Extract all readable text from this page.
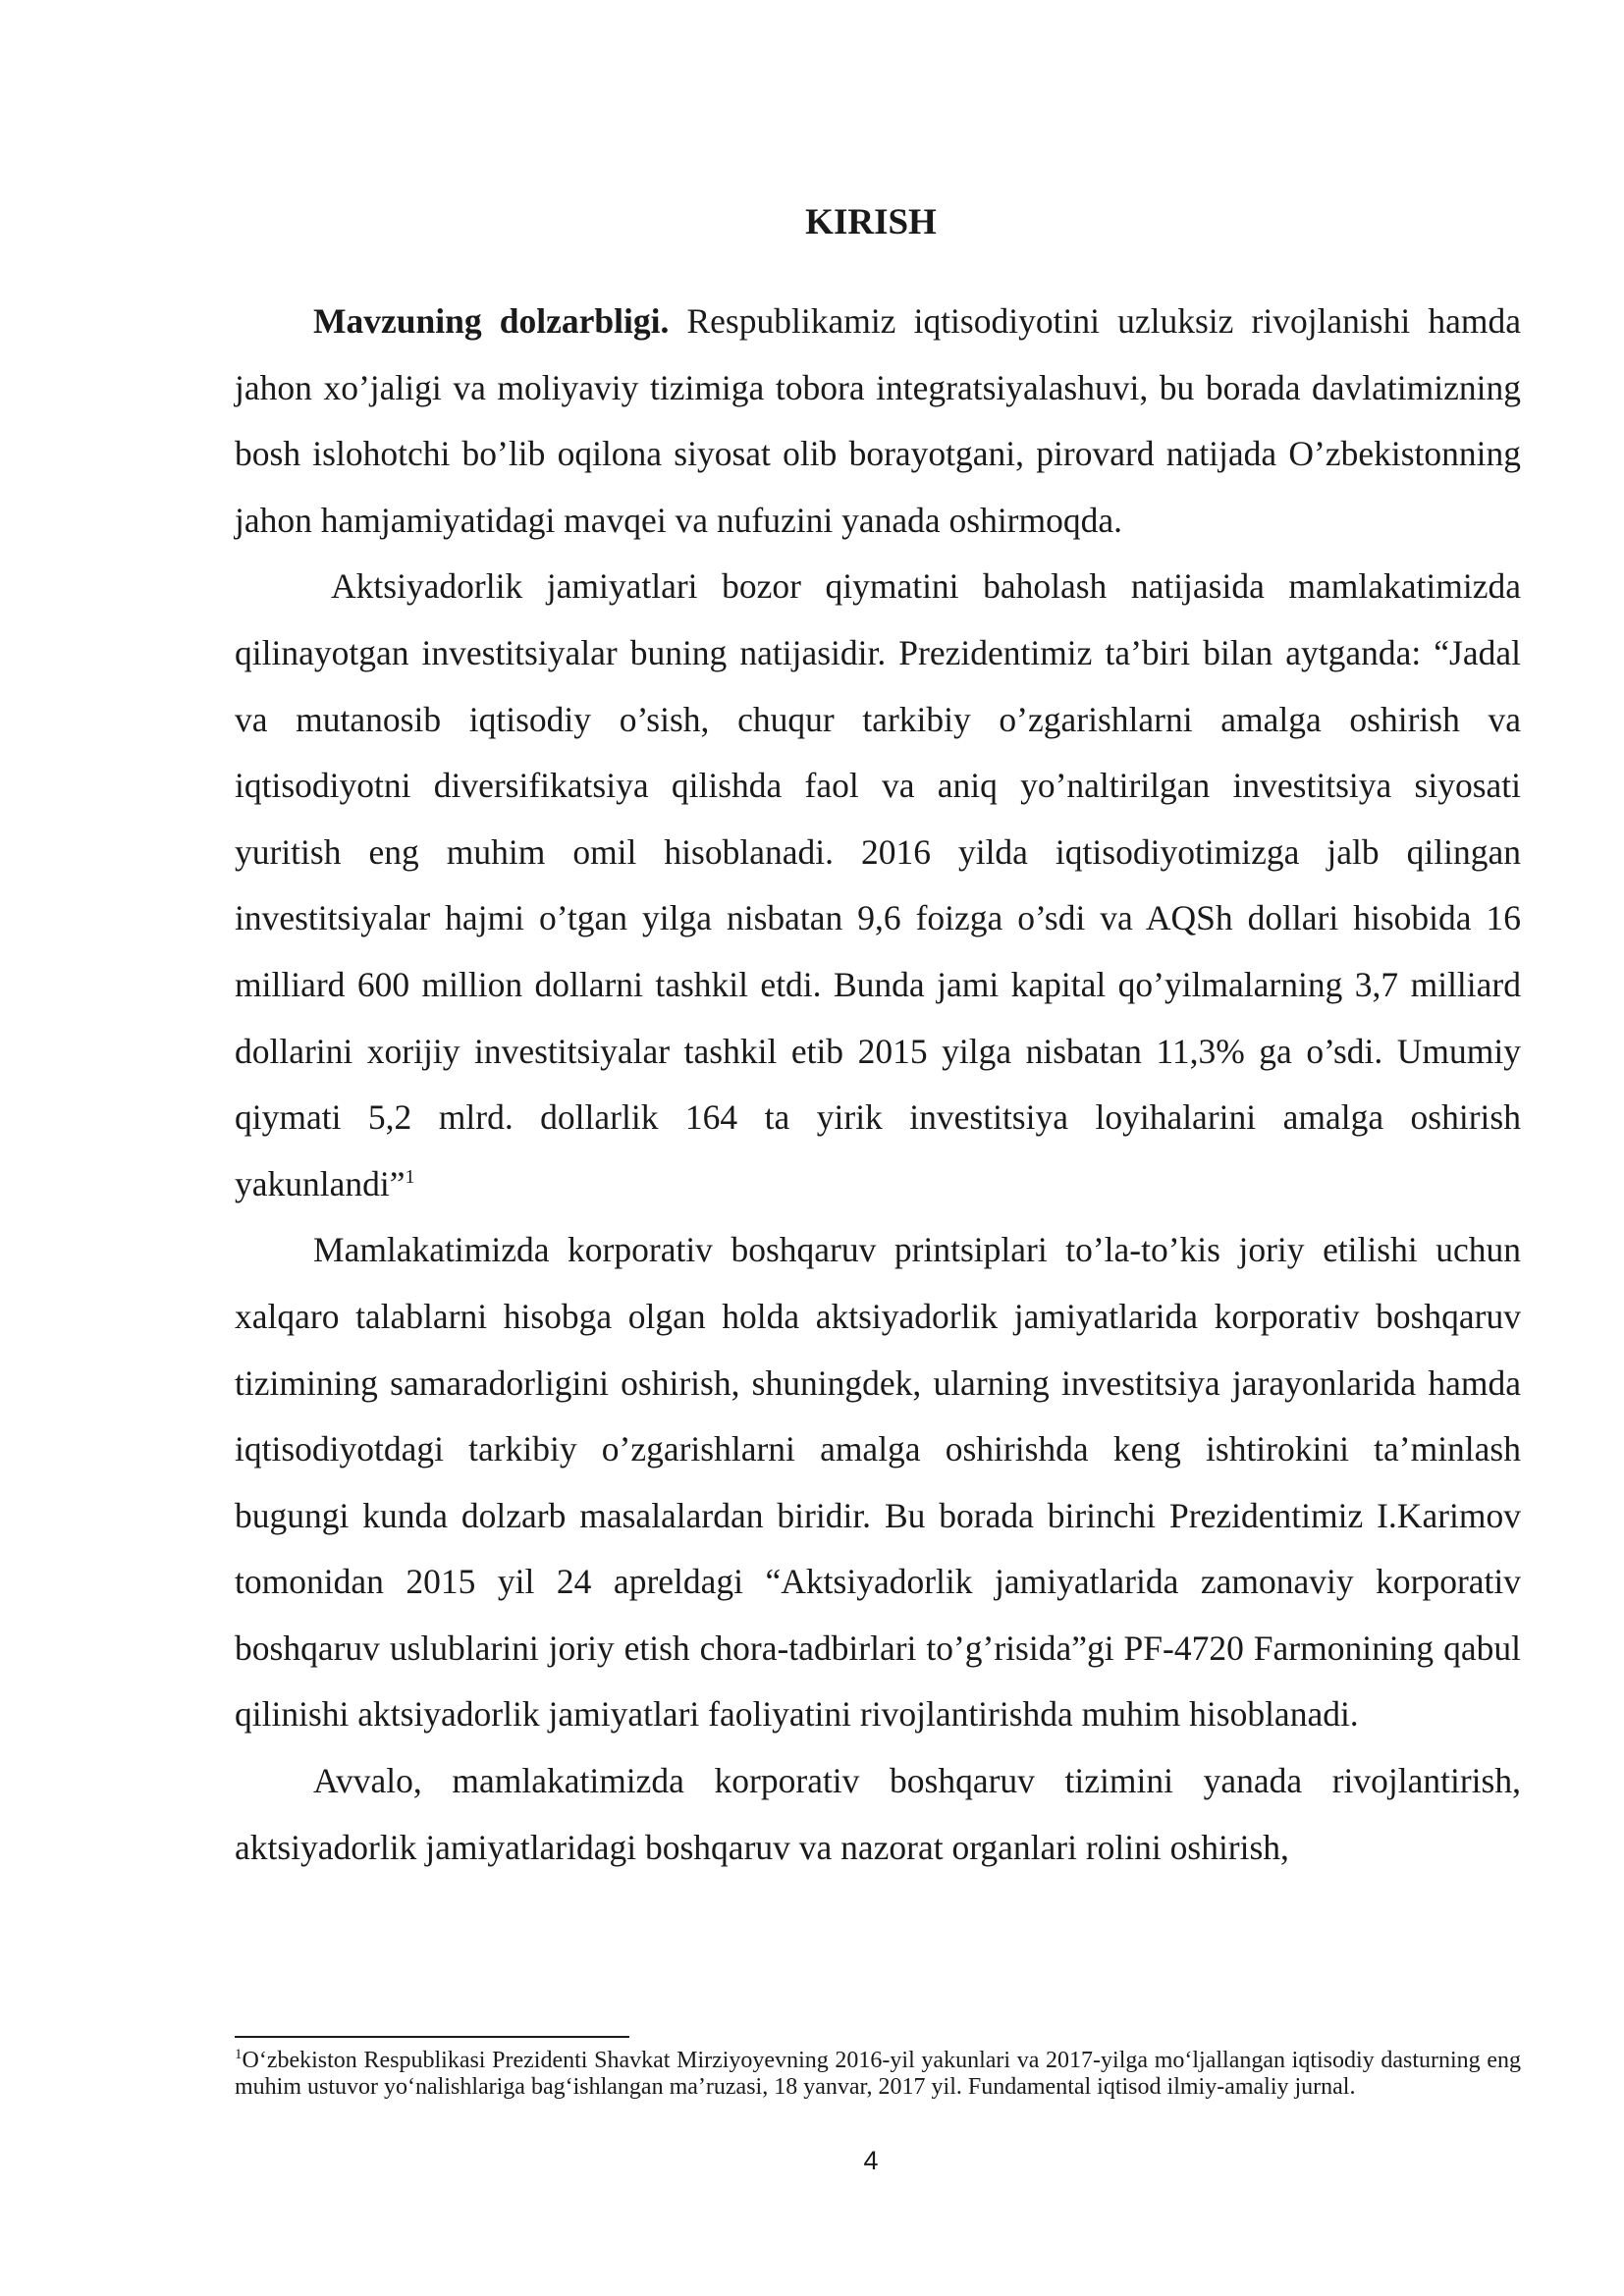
KIRISH

Mavzuning dolzarbligi. Respublikamiz iqtisodiyotini uzluksiz rivojlanishi hamda jahon xo’jaligi va moliyaviy tizimiga tobora integratsiyalashuvi, bu borada davlatimizning bosh islohotchi bo’lib oqilona siyosat olib borayotgani, pirovard natijada O’zbekistonning jahon hamjamiyatidagi mavqei va nufuzini yanada oshirmoqda.

Aktsiyadorlik jamiyatlari bozor qiymatini baholash natijasida mamlakatimizda qilinayotgan investitsiyalar buning natijasidir. Prezidentimiz ta’biri bilan aytganda: “Jadal va mutanosib iqtisodiy o’sish, chuqur tarkibiy o’zgarishlarni amalga oshirish va iqtisodiyotni diversifikatsiya qilishda faol va aniq yo’naltirilgan investitsiya siyosati yuritish eng muhim omil hisoblanadi. 2016 yilda iqtisodiyotimizga jalb qilingan investitsiyalar hajmi o’tgan yilga nisbatan 9,6 foizga o’sdi va AQSh dollari hisobida 16 milliard 600 million dollarni tashkil etdi. Bunda jami kapital qo’yilmalarning 3,7 milliard dollarini xorijiy investitsiyalar tashkil etib 2015 yilga nisbatan 11,3% ga o’sdi. Umumiy qiymati 5,2 mlrd. dollarlik 164 ta yirik investitsiya loyihalarini amalga oshirish yakunlandi”$^1$

Mamlakatimizda korporativ boshqaruv printsiplari to’la-to’kis joriy etilishi uchun xalqaro talablarni hisobga olgan holda aktsiyadorlik jamiyatlarida korporativ boshqaruv tizimining samaradorligini oshirish, shuningdek, ularning investitsiya jarayonlarida hamda iqtisodiyotdagi tarkibiy o’zgarishlarni amalga oshirishda keng ishtirokini ta’minlash bugungi kunda dolzarb masalalardan biridir. Bu borada birinchi Prezidentimiz I.Karimov tomonidan 2015 yil 24 apreldagi “Aktsiyadorlik jamiyatlarida zamonaviy korporativ boshqaruv uslublarini joriy etish chora-tadbirlari to’g’risida”gi PF-4720 Farmonining qabul qilinishi aktsiyadorlik jamiyatlari faoliyatini rivojlantirishda muhim hisoblanadi.

Avvalo, mamlakatimizda korporativ boshqaruv tizimini yanada rivojlantirish, aktsiyadorlik jamiyatlaridagi boshqaruv va nazorat organlari rolini oshirish,

$^1$O‘zbekiston Respublikasi Prezidenti Shavkat Mirziyoyevning 2016-yil yakunlari va 2017-yilga mo‘ljallangan iqtisodiy dasturning eng muhim ustuvor yo‘nalishlariga bag‘ishlangan ma’ruzasi, 18 yanvar, 2017 yil. Fundamental iqtisod ilmiy-amaliy jurnal.

4
